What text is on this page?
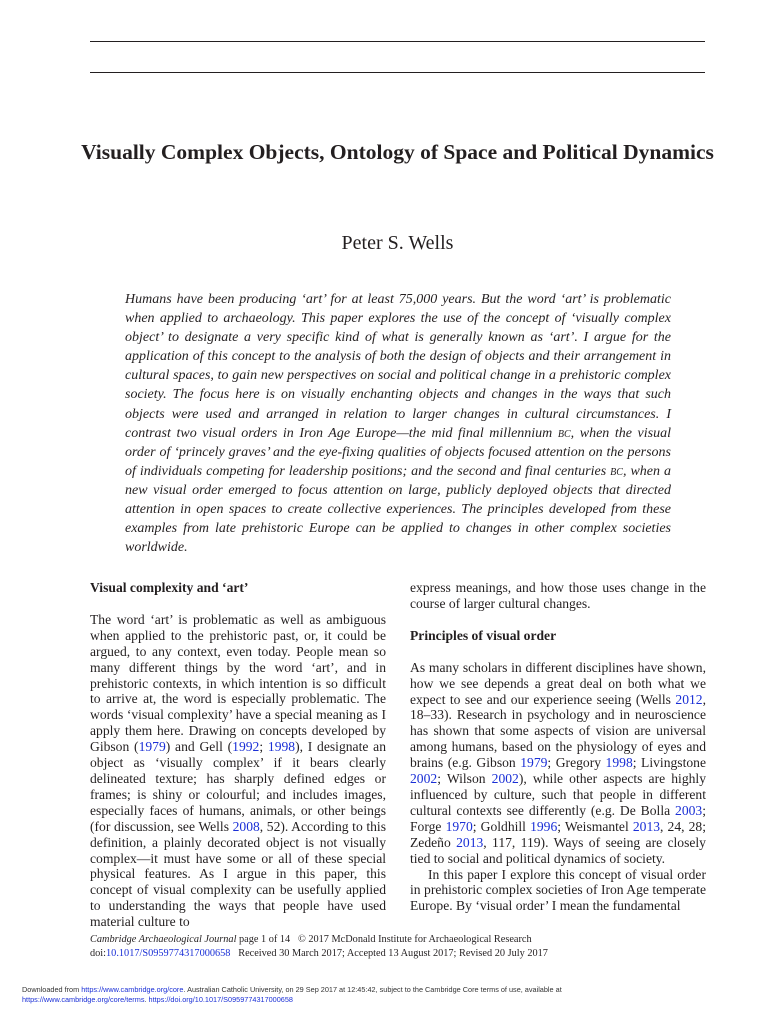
Visually Complex Objects, Ontology of Space and Political Dynamics
Peter S. Wells

Humans have been producing ‘art’ for at least 75,000 years. But the word ‘art’ is problematic when applied to archaeology. This paper explores the use of the concept of ‘visually complex object’ to designate a very specific kind of what is generally known as ‘art’. I argue for the application of this concept to the analysis of both the design of objects and their arrangement in cultural spaces, to gain new perspectives on social and political change in a prehistoric complex society. The focus here is on visually enchanting objects and changes in the ways that such objects were used and arranged in relation to larger changes in cultural circumstances. I contrast two visual orders in Iron Age Europe—the mid final millennium bc, when the visual order of ‘princely graves’ and the eye-fixing qualities of objects focused attention on the persons of individuals competing for leadership positions; and the second and final centuries bc, when a new visual order emerged to focus attention on large, publicly deployed objects that directed attention in open spaces to create collective experiences. The principles developed from these examples from late prehistoric Europe can be applied to changes in other complex societies worldwide.

Visual complexity and ‘art’

The word ‘art’ is problematic as well as ambiguous when applied to the prehistoric past, or, it could be argued, to any context, even today. People mean so many different things by the word ‘art’, and in prehistoric contexts, in which intention is so difficult to arrive at, the word is especially problematic. The words ‘visual complexity’ have a special meaning as I apply them here. Drawing on concepts developed by Gibson (1979) and Gell (1992; 1998), I designate an object as ‘visually complex’ if it bears clearly delineated texture; has sharply defined edges or frames; is shiny or colourful; and includes images, especially faces of humans, animals, or other beings (for discussion, see Wells 2008, 52). According to this definition, a plainly decorated object is not visually complex—it must have some or all of these special physical features. As I argue in this paper, this concept of visual complexity can be usefully applied to understanding the ways that people have used material culture to

express meanings, and how those uses change in the course of larger cultural changes.

Principles of visual order

As many scholars in different disciplines have shown, how we see depends a great deal on both what we expect to see and our experience seeing (Wells 2012, 18–33). Research in psychology and in neuroscience has shown that some aspects of vision are universal among humans, based on the physiology of eyes and brains (e.g. Gibson 1979; Gregory 1998; Livingstone 2002; Wilson 2002), while other aspects are highly influenced by culture, such that people in different cultural contexts see differently (e.g. De Bolla 2003; Forge 1970; Goldhill 1996; Weismantel 2013, 24, 28; Zedeño 2013, 117, 119). Ways of seeing are closely tied to social and political dynamics of society.

In this paper I explore this concept of visual order in prehistoric complex societies of Iron Age temperate Europe. By ‘visual order’ I mean the fundamental

Cambridge Archaeological Journal page 1 of 14 © 2017 McDonald Institute for Archaeological Research
doi:10.1017/S0959774317000658 Received 30 March 2017; Accepted 13 August 2017; Revised 20 July 2017
Downloaded from https://www.cambridge.org/core. Australian Catholic University, on 29 Sep 2017 at 12:45:42, subject to the Cambridge Core terms of use, available at
https://www.cambridge.org/core/terms. https://doi.org/10.1017/S0959774317000658
